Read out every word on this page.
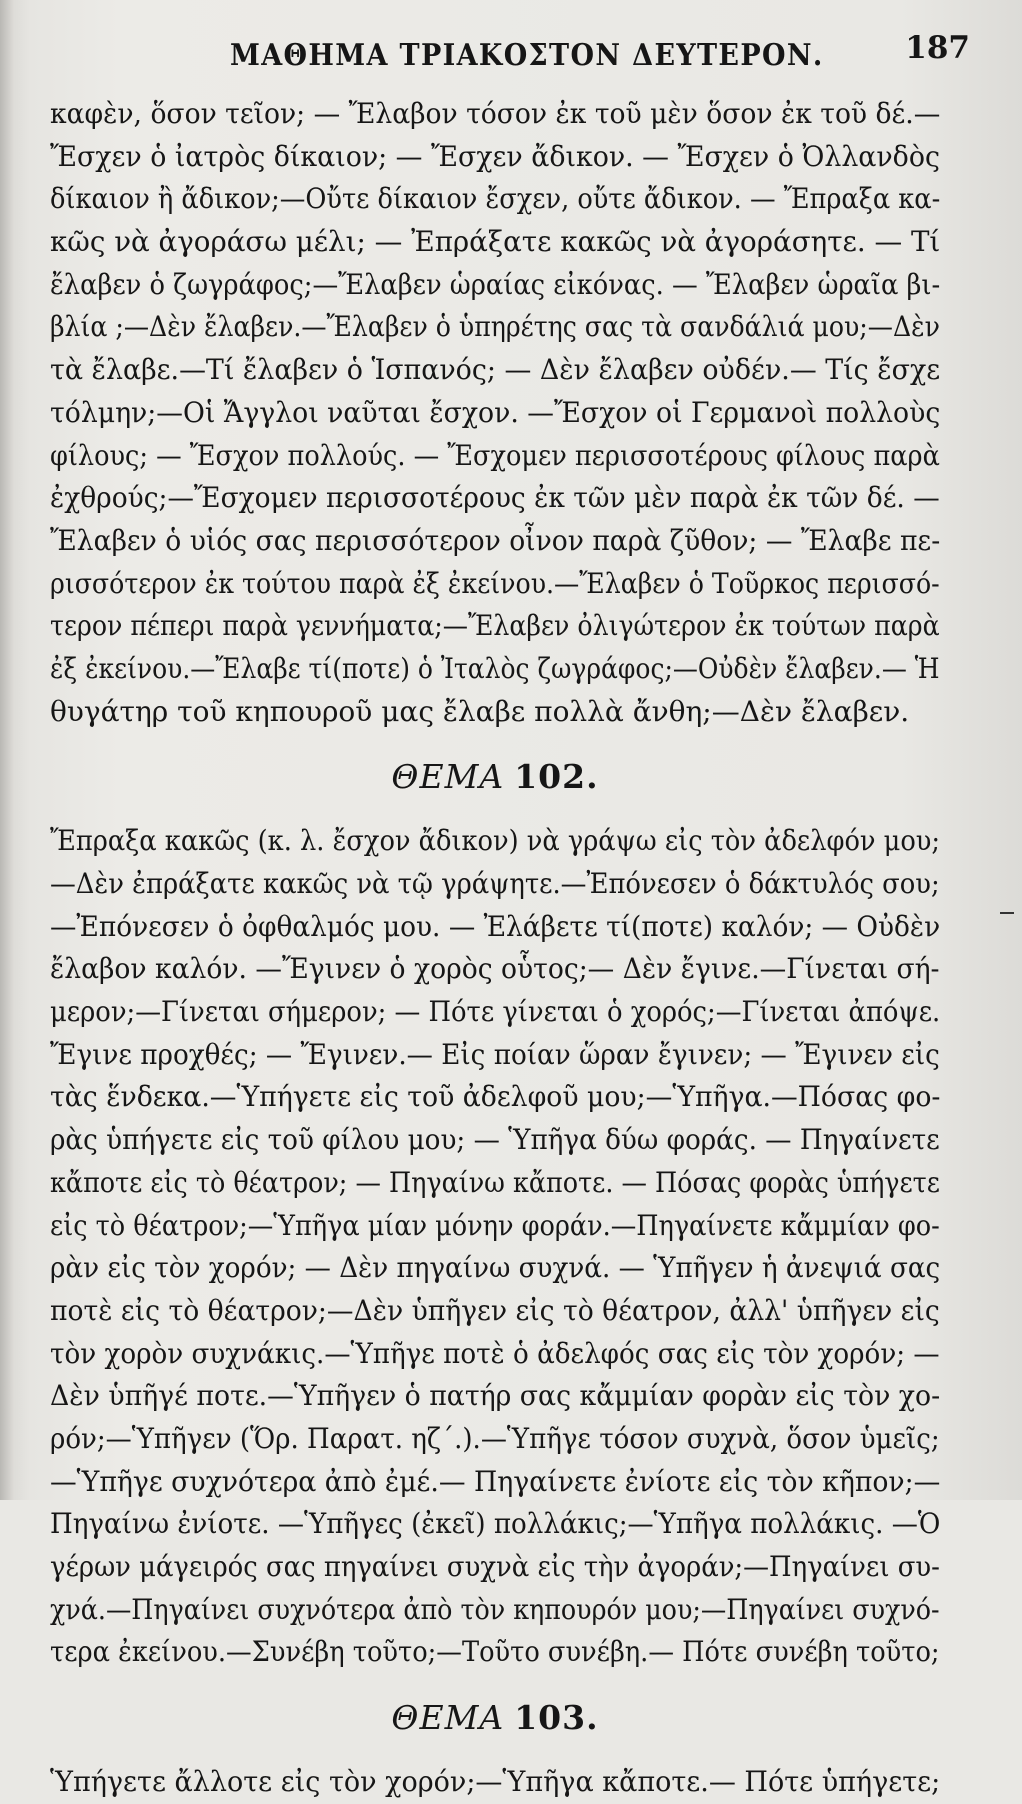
ΜΑΘΗΜΑ ΤΡΙΑΚΟΣΤΟΝ ΔΕΥΤΕΡΟΝ.	187
καφὲν, ὅσον τεῖον; — Ἔλαβον τόσον ἐκ τοῦ μὲν ὅσον ἐκ τοῦ δέ.—
Ἔσχεν ὁ ἰατρὸς δίκαιον; — Ἔσχεν ἄδικον. — Ἔσχεν ὁ Ὀλλανδὸς
δίκαιον ἢ ἄδικον;—Οὔτε δίκαιον ἔσχεν, οὔτε ἄδικον. — Ἔπραξα κα-
κῶς νὰ ἀγοράσω μέλι; — Ἐπράξατε κακῶς νὰ ἀγοράσητε. — Τί
ἔλαβεν ὁ ζωγράφος;—Ἔλαβεν ὡραίας εἰκόνας. — Ἔλαβεν ὡραῖα βι-
βλία ;—Δὲν ἔλαβεν.—Ἔλαβεν ὁ ὑπηρέτης σας τὰ σανδάλιά μου;—Δὲν
τὰ ἔλαβε.—Τί ἔλαβεν ὁ Ἱσπανός; — Δὲν ἔλαβεν οὐδέν.— Τίς ἔσχε
τόλμην;—Οἱ Ἄγγλοι ναῦται ἔσχον. —Ἔσχον οἱ Γερμανοὶ πολλοὺς
φίλους; — Ἔσχον πολλούς. — Ἔσχομεν περισσοτέρους φίλους παρὰ
ἐχθρούς;—Ἔσχομεν περισσοτέρους ἐκ τῶν μὲν παρὰ ἐκ τῶν δέ. —
Ἔλαβεν ὁ υἱός σας περισσότερον οἶνον παρὰ ζῦθον; — Ἔλαβε πε-
ρισσότερον ἐκ τούτου παρὰ ἐξ ἐκείνου.—Ἔλαβεν ὁ Τοῦρκος περισσό-
τερον πέπερι παρὰ γεννήματα;—Ἔλαβεν ὀλιγώτερον ἐκ τούτων παρὰ
ἐξ ἐκείνου.—Ἔλαβε τί(ποτε) ὁ Ἰταλὸς ζωγράφος;—Οὐδὲν ἔλαβεν.— Ἡ
θυγάτηρ τοῦ κηπουροῦ μας ἔλαβε πολλὰ ἄνθη;—Δὲν ἔλαβεν.
ΘΕΜΑ 102.
Ἔπραξα κακῶς (κ. λ. ἔσχον ἄδικον) νὰ γράψω εἰς τὸν ἀδελφόν μου;
—Δὲν ἐπράξατε κακῶς νὰ τῷ γράψητε.—Ἐπόνεσεν ὁ δάκτυλός σου;
—Ἐπόνεσεν ὁ ὀφθαλμός μου. — Ἐλάβετε τί(ποτε) καλόν; — Οὐδὲν
ἔλαβον καλόν. —Ἔγινεν ὁ χορὸς οὗτος;— Δὲν ἔγινε.—Γίνεται σή-
μερον;—Γίνεται σήμερον; — Πότε γίνεται ὁ χορός;—Γίνεται ἀπόψε.
Ἔγινε προχθές; — Ἔγινεν.— Εἰς ποίαν ὥραν ἔγινεν; — Ἔγινεν εἰς
τὰς ἕνδεκα.—Ὑπήγετε εἰς τοῦ ἀδελφοῦ μου;—Ὑπῆγα.—Πόσας φο-
ρὰς ὑπήγετε εἰς τοῦ φίλου μου; — Ὑπῆγα δύω φοράς. — Πηγαίνετε
κἄποτε εἰς τὸ θέατρον; — Πηγαίνω κἄποτε. — Πόσας φορὰς ὑπήγετε
εἰς τὸ θέατρον;—Ὑπῆγα μίαν μόνην φοράν.—Πηγαίνετε κἄμμίαν φο-
ρὰν εἰς τὸν χορόν; — Δὲν πηγαίνω συχνά. — Ὑπῆγεν ἡ ἀνεψιά σας
ποτὲ εἰς τὸ θέατρον;—Δὲν ὑπῆγεν εἰς τὸ θέατρον, ἀλλ' ὑπῆγεν εἰς
τὸν χορὸν συχνάκις.—Ὑπῆγε ποτὲ ὁ ἀδελφός σας εἰς τὸν χορόν; —
Δὲν ὑπῆγέ ποτε.—Ὑπῆγεν ὁ πατήρ σας κἄμμίαν φορὰν εἰς τὸν χο-
ρόν;—Ὑπῆγεν (Ὅρ. Παρατ. ηζ΄.).—Ὑπῆγε τόσον συχνὰ, ὅσον ὑμεῖς;
—Ὑπῆγε συχνότερα ἀπὸ ἐμέ.— Πηγαίνετε ἐνίοτε εἰς τὸν κῆπον;—
Πηγαίνω ἐνίοτε. —Ὑπῆγες (ἐκεῖ) πολλάκις;—Ὑπῆγα πολλάκις. —Ὁ
γέρων μάγειρός σας πηγαίνει συχνὰ εἰς τὴν ἀγοράν;—Πηγαίνει συ-
χνά.—Πηγαίνει συχνότερα ἀπὸ τὸν κηπουρόν μου;—Πηγαίνει συχνό-
τερα ἐκείνου.—Συνέβη τοῦτο;—Τοῦτο συνέβη.— Πότε συνέβη τοῦτο;
ΘΕΜΑ 103.
Ὑπήγετε ἄλλοτε εἰς τὸν χορόν;—Ὑπῆγα κἄποτε.— Πότε ὑπήγετε;
